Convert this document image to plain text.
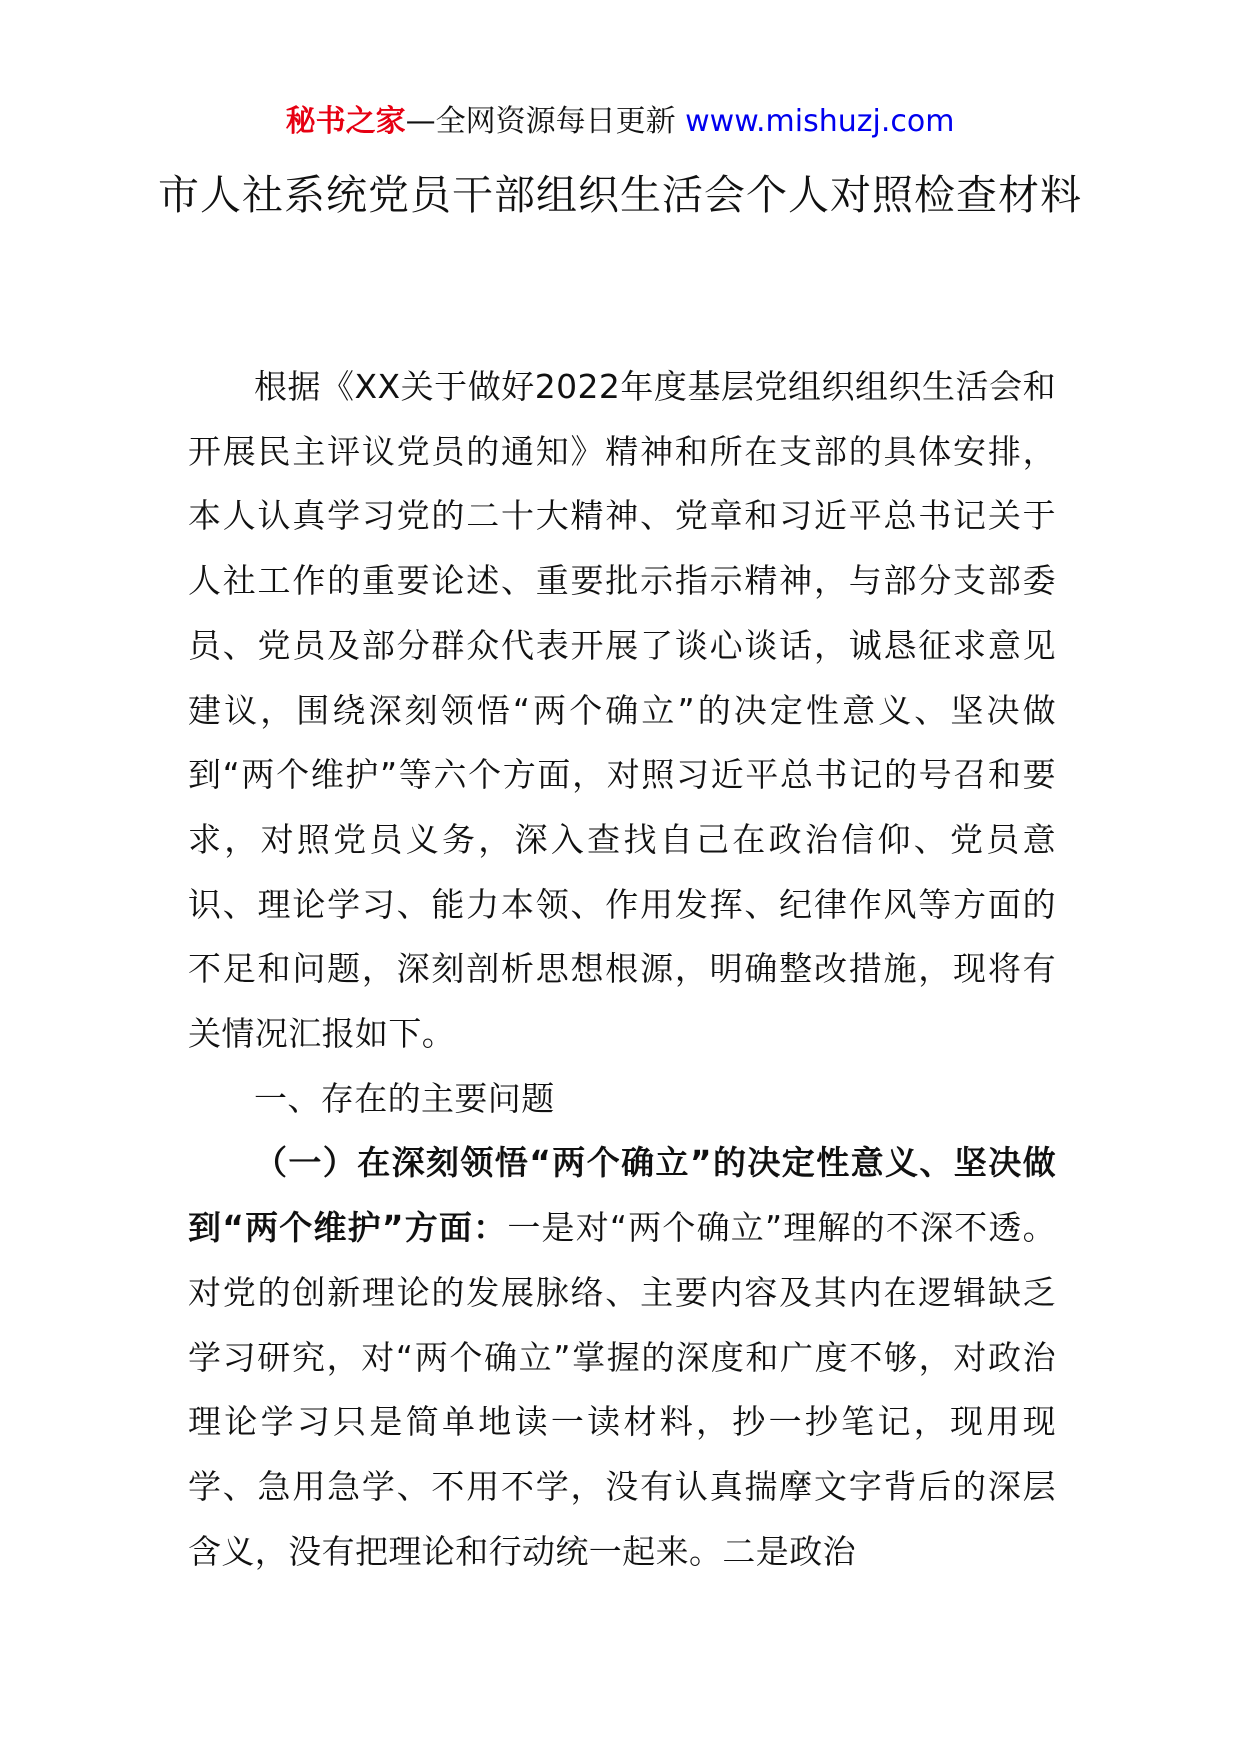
秘书之家—全网资源每日更新 www.mishuzj.com
市人社系统党员干部组织生活会个人对照检查材料

根据《XX关于做好2022年度基层党组织组织生活会和开展民主评议党员的通知》精神和所在支部的具体安排，本人认真学习党的二十大精神、党章和习近平总书记关于人社工作的重要论述、重要批示指示精神，与部分支部委员、党员及部分群众代表开展了谈心谈话，诚恳征求意见建议，围绕深刻领悟“两个确立”的决定性意义、坚决做到“两个维护”等六个方面，对照习近平总书记的号召和要求，对照党员义务，深入查找自己在政治信仰、党员意识、理论学习、能力本领、作用发挥、纪律作风等方面的不足和问题，深刻剖析思想根源，明确整改措施，现将有关情况汇报如下。

一、存在的主要问题

（一）在深刻领悟“两个确立”的决定性意义、坚决做到“两个维护”方面：一是对“两个确立”理解的不深不透。对党的创新理论的发展脉络、主要内容及其内在逻辑缺乏学习研究，对“两个确立”掌握的深度和广度不够，对政治理论学习只是简单地读一读材料，抄一抄笔记，现用现学、急用急学、不用不学，没有认真揣摩文字背后的深层含义，没有把理论和行动统一起来。二是政治
